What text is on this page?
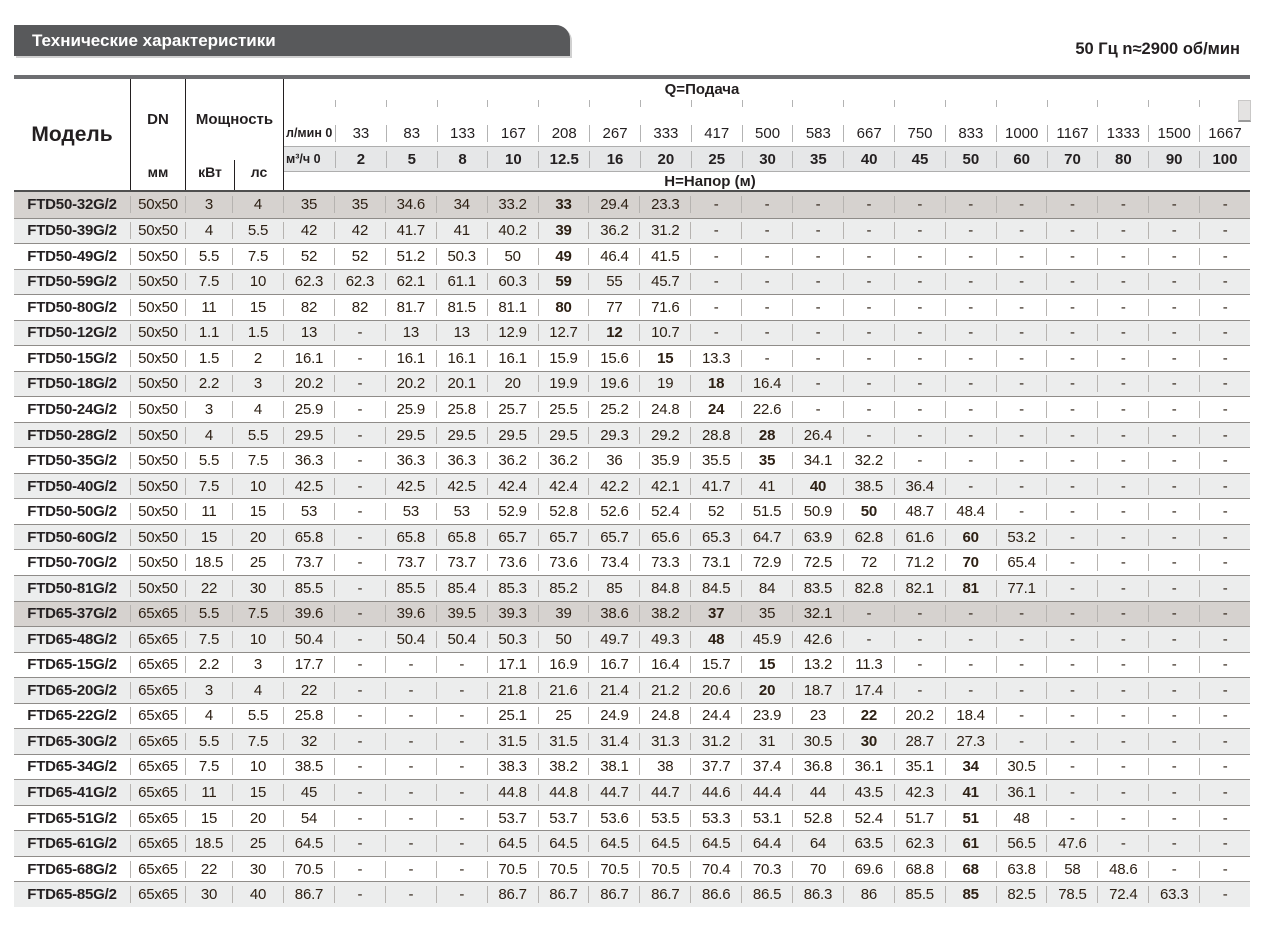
Технические характеристики	50 Гц n≈2900 об/мин
Модель
DN
мм
Мощность
кВт	лс
Q=Подача
л/мин 0	33	83	133	167	208	267	333	417	500	583	667	750	833	1000	1167	1333	1500	1667
м³/ч 0	2	5	8	10	12.5	16	20	25	30	35	40	45	50	60	70	80	90	100
H=Напор (м)
FTD50-32G/2	50x50	3	4	35	35	34.6	34	33.2	33	29.4	23.3	-	-	-	-	-	-	-	-	-	-	-
FTD50-39G/2	50x50	4	5.5	42	42	41.7	41	40.2	39	36.2	31.2	-	-	-	-	-	-	-	-	-	-	-
FTD50-49G/2	50x50	5.5	7.5	52	52	51.2	50.3	50	49	46.4	41.5	-	-	-	-	-	-	-	-	-	-	-
FTD50-59G/2	50x50	7.5	10	62.3	62.3	62.1	61.1	60.3	59	55	45.7	-	-	-	-	-	-	-	-	-	-	-
FTD50-80G/2	50x50	11	15	82	82	81.7	81.5	81.1	80	77	71.6	-	-	-	-	-	-	-	-	-	-	-
FTD50-12G/2	50x50	1.1	1.5	13	-	13	13	12.9	12.7	12	10.7	-	-	-	-	-	-	-	-	-	-	-
FTD50-15G/2	50x50	1.5	2	16.1	-	16.1	16.1	16.1	15.9	15.6	15	13.3	-	-	-	-	-	-	-	-	-	-
FTD50-18G/2	50x50	2.2	3	20.2	-	20.2	20.1	20	19.9	19.6	19	18	16.4	-	-	-	-	-	-	-	-	-
FTD50-24G/2	50x50	3	4	25.9	-	25.9	25.8	25.7	25.5	25.2	24.8	24	22.6	-	-	-	-	-	-	-	-	-
FTD50-28G/2	50x50	4	5.5	29.5	-	29.5	29.5	29.5	29.5	29.3	29.2	28.8	28	26.4	-	-	-	-	-	-	-	-
FTD50-35G/2	50x50	5.5	7.5	36.3	-	36.3	36.3	36.2	36.2	36	35.9	35.5	35	34.1	32.2	-	-	-	-	-	-	-
FTD50-40G/2	50x50	7.5	10	42.5	-	42.5	42.5	42.4	42.4	42.2	42.1	41.7	41	40	38.5	36.4	-	-	-	-	-	-
FTD50-50G/2	50x50	11	15	53	-	53	53	52.9	52.8	52.6	52.4	52	51.5	50.9	50	48.7	48.4	-	-	-	-	-
FTD50-60G/2	50x50	15	20	65.8	-	65.8	65.8	65.7	65.7	65.7	65.6	65.3	64.7	63.9	62.8	61.6	60	53.2	-	-	-	-
FTD50-70G/2	50x50	18.5	25	73.7	-	73.7	73.7	73.6	73.6	73.4	73.3	73.1	72.9	72.5	72	71.2	70	65.4	-	-	-	-
FTD50-81G/2	50x50	22	30	85.5	-	85.5	85.4	85.3	85.2	85	84.8	84.5	84	83.5	82.8	82.1	81	77.1	-	-	-	-
FTD65-37G/2	65x65	5.5	7.5	39.6	-	39.6	39.5	39.3	39	38.6	38.2	37	35	32.1	-	-	-	-	-	-	-	-
FTD65-48G/2	65x65	7.5	10	50.4	-	50.4	50.4	50.3	50	49.7	49.3	48	45.9	42.6	-	-	-	-	-	-	-	-
FTD65-15G/2	65x65	2.2	3	17.7	-	-	-	17.1	16.9	16.7	16.4	15.7	15	13.2	11.3	-	-	-	-	-	-	-
FTD65-20G/2	65x65	3	4	22	-	-	-	21.8	21.6	21.4	21.2	20.6	20	18.7	17.4	-	-	-	-	-	-	-
FTD65-22G/2	65x65	4	5.5	25.8	-	-	-	25.1	25	24.9	24.8	24.4	23.9	23	22	20.2	18.4	-	-	-	-	-
FTD65-30G/2	65x65	5.5	7.5	32	-	-	-	31.5	31.5	31.4	31.3	31.2	31	30.5	30	28.7	27.3	-	-	-	-	-
FTD65-34G/2	65x65	7.5	10	38.5	-	-	-	38.3	38.2	38.1	38	37.7	37.4	36.8	36.1	35.1	34	30.5	-	-	-	-
FTD65-41G/2	65x65	11	15	45	-	-	-	44.8	44.8	44.7	44.7	44.6	44.4	44	43.5	42.3	41	36.1	-	-	-	-
FTD65-51G/2	65x65	15	20	54	-	-	-	53.7	53.7	53.6	53.5	53.3	53.1	52.8	52.4	51.7	51	48	-	-	-	-
FTD65-61G/2	65x65	18.5	25	64.5	-	-	-	64.5	64.5	64.5	64.5	64.5	64.4	64	63.5	62.3	61	56.5	47.6	-	-	-
FTD65-68G/2	65x65	22	30	70.5	-	-	-	70.5	70.5	70.5	70.5	70.4	70.3	70	69.6	68.8	68	63.8	58	48.6	-	-
FTD65-85G/2	65x65	30	40	86.7	-	-	-	86.7	86.7	86.7	86.7	86.6	86.5	86.3	86	85.5	85	82.5	78.5	72.4	63.3	-
